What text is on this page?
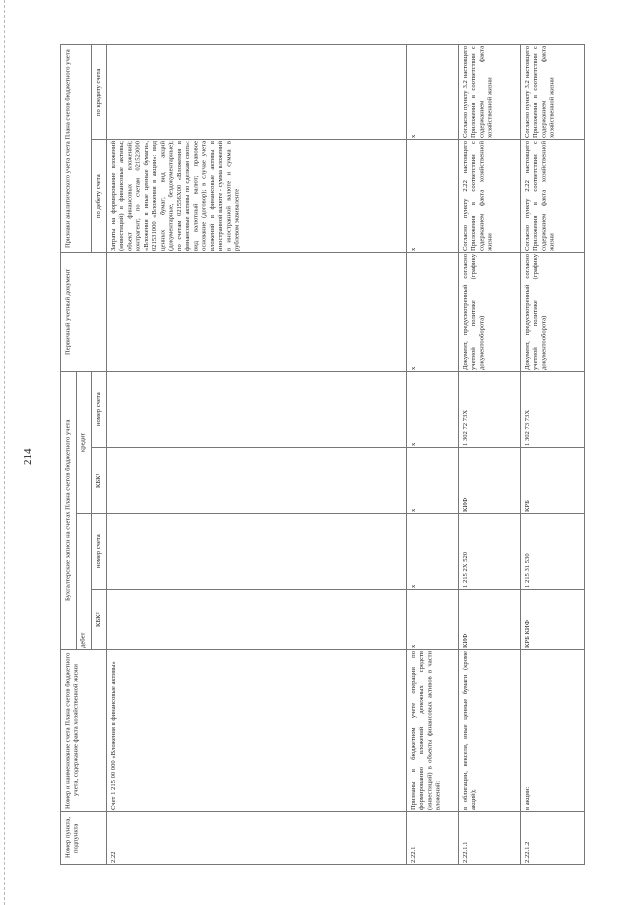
214
Номер пункта, подпункта	Номер и наименование счета Плана счетов бюджетного учета, содержание факта хозяйственной жизни	Бухгалтерские записи на счетах Плана счетов бюджетного учета	Первичный учетный документ	Признаки аналитического учета счета Плана счетов бюджетного учета
дебет	кредит
КБК²	номер счета	КБК¹	номер счета	по дебету счета	по кредиту счета
2.22	Счет 1 215 00 000 «Вложения в финансовые активы»						Затраты на формирование вложений (инвестиций) в финансовые активы; объект финансовых вложений; контрагент; по счетам 021523000 «Вложения в иные ценные бумаги», 021531000 «Вложения в акции»: вид ценных бумаг; вид акций (документарные, бездокументарные); по счетам 021556X00 «Вложения в финансовые активы по сделкам своп»: вид валютный валют; правовое основание (договор); в случае учета вложений в финансовые активы в иностранной валюте - сумма вложений в иностранной валюте и сумма в рублевом эквиваленте	
2.22.1	Признаны в бюджетном учете операции по формированию вложений денежных средств (инвестиций) в объекты финансовых активов в части вложений:	x	x	x	x	x	x	x
2.22.1.1	в облигации, векселя, иные ценные бумаги (кроме акций);	КИФ	1 215 2X 520	КИФ	1 302 72 73X	Документ, предусмотренный согласно учетной политике (графику документооборота)	Согласно пункту 2.22 настоящего Приложения в соответствии с содержанием факта хозяйственной жизни	Согласно пункту 3.2 настоящего Приложения в соответствии с содержанием факта хозяйственной жизни
2.22.1.2	в акции:	КРБ КИФ	1 215 31 530	КРБ	1 302 73 73X	Документ, предусмотренный согласно учетной политике (графику документооборота)	Согласно пункту 2.22 настоящего Приложения в соответствии с содержанием факта хозяйственной жизни	Согласно пункту 3.2 настоящего Приложения в соответствии с содержанием факта хозяйственной жизни
